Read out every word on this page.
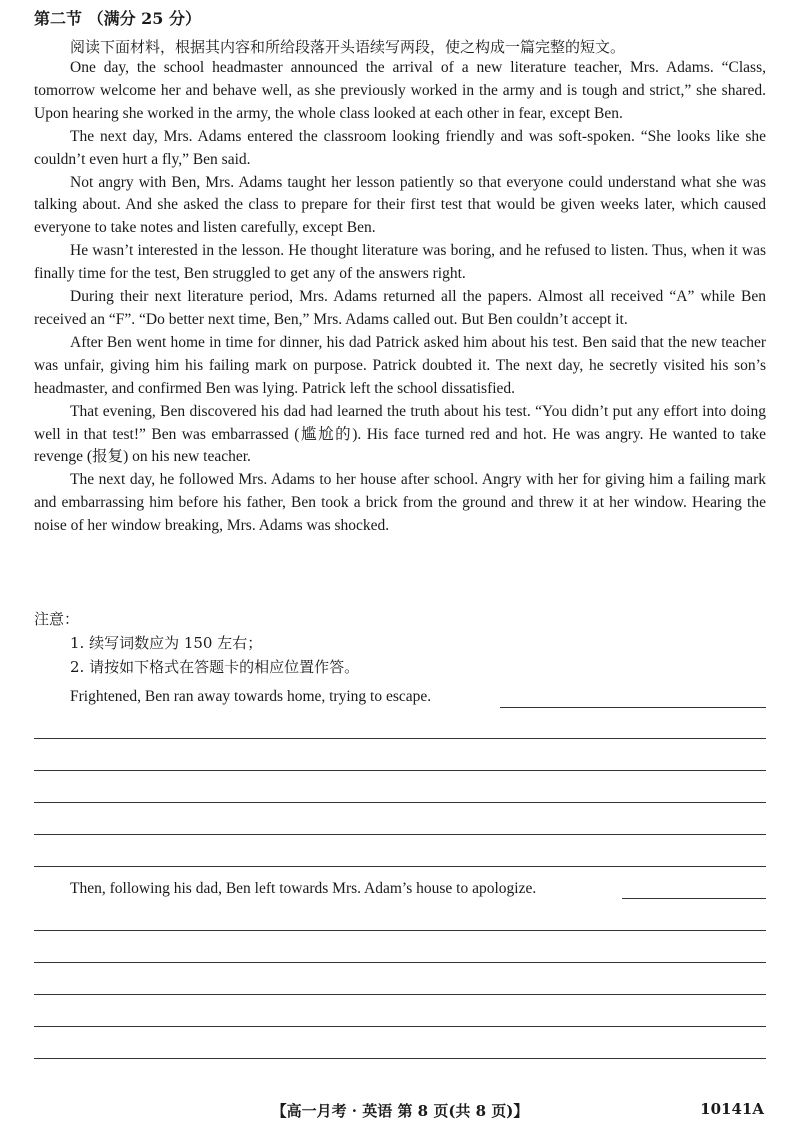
第二节 （满分 25 分）
阅读下面材料，根据其内容和所给段落开头语续写两段，使之构成一篇完整的短文。

One day, the school headmaster announced the arrival of a new literature teacher, Mrs. Adams. “Class, tomorrow welcome her and behave well, as she previously worked in the army and is tough and strict,” she shared. Upon hearing she worked in the army, the whole class looked at each other in fear, except Ben.

The next day, Mrs. Adams entered the classroom looking friendly and was soft-spoken. “She looks like she couldn’t even hurt a fly,” Ben said.

Not angry with Ben, Mrs. Adams taught her lesson patiently so that everyone could understand what she was talking about. And she asked the class to prepare for their first test that would be given weeks later, which caused everyone to take notes and listen carefully, except Ben.

He wasn’t interested in the lesson. He thought literature was boring, and he refused to listen. Thus, when it was finally time for the test, Ben struggled to get any of the answers right.

During their next literature period, Mrs. Adams returned all the papers. Almost all received “A” while Ben received an “F”. “Do better next time, Ben,” Mrs. Adams called out. But Ben couldn’t accept it.

After Ben went home in time for dinner, his dad Patrick asked him about his test. Ben said that the new teacher was unfair, giving him his failing mark on purpose. Patrick doubted it. The next day, he secretly visited his son’s headmaster, and confirmed Ben was lying. Patrick left the school dissatisfied.

That evening, Ben discovered his dad had learned the truth about his test. “You didn’t put any effort into doing well in that test!” Ben was embarrassed (尴尬的). His face turned red and hot. He was angry. He wanted to take revenge (报复) on his new teacher.

The next day, he followed Mrs. Adams to her house after school. Angry with her for giving him a failing mark and embarrassing him before his father, Ben took a brick from the ground and threw it at her window. Hearing the noise of her window breaking, Mrs. Adams was shocked.

注意：
1. 续写词数应为 150 左右；
2. 请按如下格式在答题卡的相应位置作答。
Frightened, Ben ran away towards home, trying to escape.
Then, following his dad, Ben left towards Mrs. Adam’s house to apologize.
【高一月考 · 英语 第 8 页(共 8 页)】	10141A
